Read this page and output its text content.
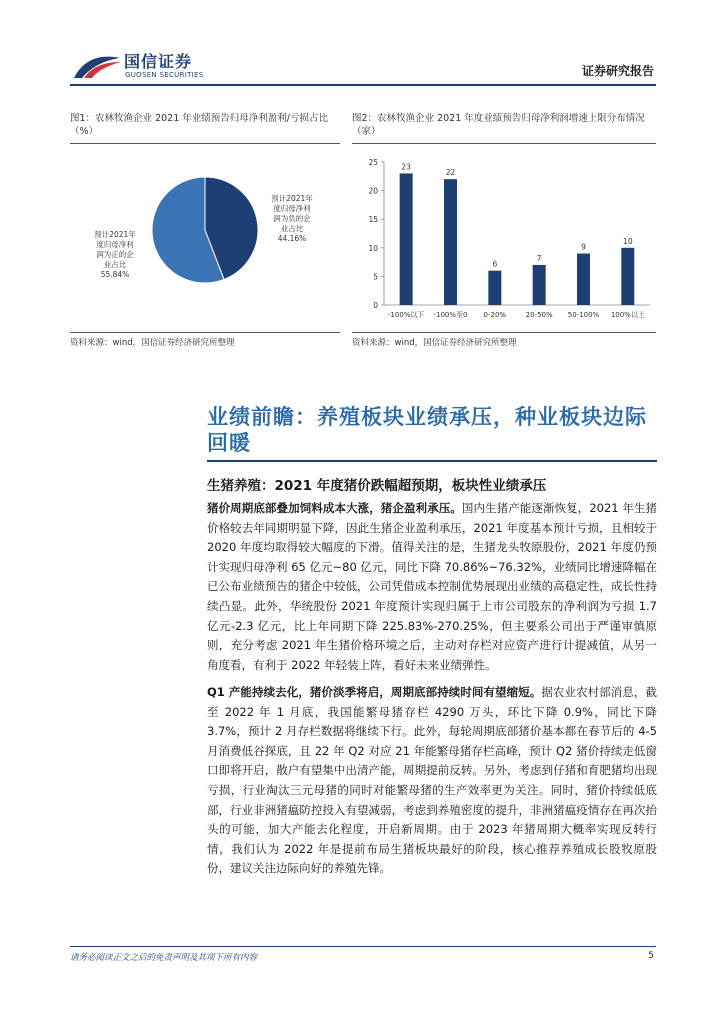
国信证券
GUOSEN SECURITIES	证券研究报告
图1：农林牧渔企业 2021 年业绩预告归母净利盈利/亏损占比（%）
预计2021年度归母净利润为负的企业占比 44.16%
预计2021年度归母净利润为正的企业占比 55.84%
资料来源：wind，国信证券经济研究所整理
图2：农林牧渔企业 2021 年度业绩预告归母净利润增速上限分布情况（家）
0
5
10
15
20
25	23
-100%以下
22
-100%至0
6
0-20%
7
20-50%
9
50-100%
10
100%以上
资料来源：wind，国信证券经济研究所整理
业绩前瞻：养殖板块业绩承压，种业板块边际回暖
生猪养殖：2021 年度猪价跌幅超预期，板块性业绩承压
猪价周期底部叠加饲料成本大涨，猪企盈利承压。国内生猪产能逐渐恢复，2021 年生猪价格较去年同期明显下降，因此生猪企业盈利承压，2021 年度基本预计亏损，且相较于 2020 年度均取得较大幅度的下滑。值得关注的是，生猪龙头牧原股份，2021 年度仍预计实现归母净利 65 亿元~80 亿元，同比下降 70.86%~76.32%，业绩同比增速降幅在已公布业绩预告的猪企中较低，公司凭借成本控制优势展现出业绩的高稳定性，成长性持续凸显。此外，华统股份 2021 年度预计实现归属于上市公司股东的净利润为亏损 1.7 亿元-2.3 亿元，比上年同期下降 225.83%-270.25%，但主要系公司出于严谨审慎原则，充分考虑 2021 年生猪价格环境之后，主动对存栏对应资产进行计提减值，从另一角度看，有利于 2022 年轻装上阵，看好未来业绩弹性。
Q1 产能持续去化，猪价淡季将启，周期底部持续时间有望缩短。据农业农村部消息，截至 2022 年 1 月底，我国能繁母猪存栏 4290 万头，环比下降 0.9%，同比下降 3.7%，预计 2 月存栏数据将继续下行。此外，每轮周期底部猪价基本都在春节后的 4-5 月消费低谷探底，且 22 年 Q2 对应 21 年能繁母猪存栏高峰，预计 Q2 猪价持续走低窗口即将开启，散户有望集中出清产能，周期提前反转。另外，考虑到仔猪和育肥猪均出现亏损，行业淘汰三元母猪的同时对能繁母猪的生产效率更为关注。同时，猪价持续低底部，行业非洲猪瘟防控投入有望减弱，考虑到养殖密度的提升，非洲猪瘟疫情存在再次抬头的可能，加大产能去化程度，开启新周期。由于 2023 年猪周期大概率实现反转行情，我们认为 2022 年是提前布局生猪板块最好的阶段，核心推荐养殖成长股牧原股份，建议关注边际向好的养殖先锋。
请务必阅读正文之后的免责声明及其项下所有内容	5
